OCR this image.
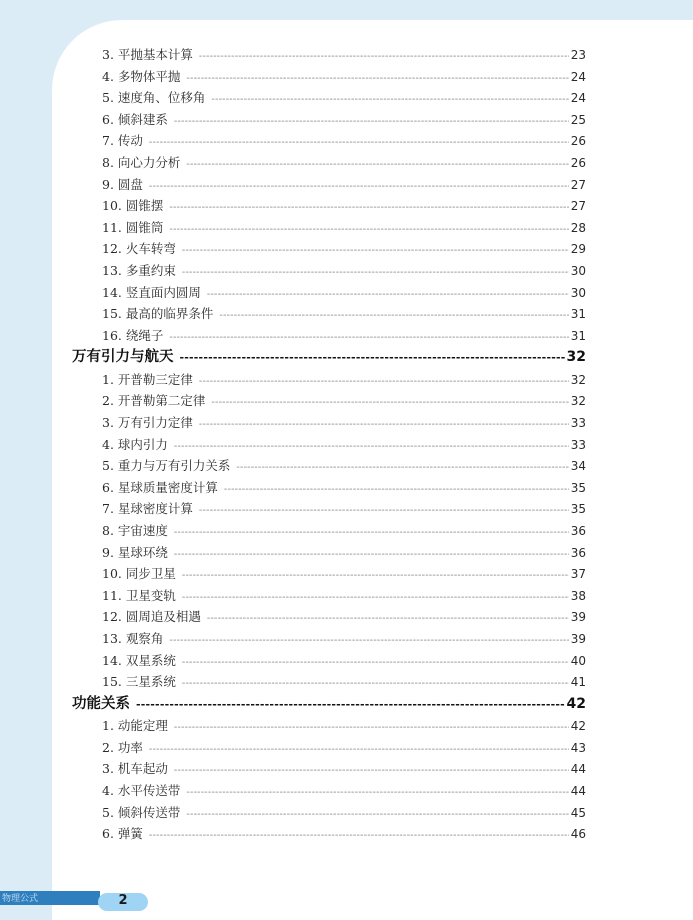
3. 平抛基本计算 -----	23
4. 多物体平抛 -----	24
5. 速度角、位移角 -----	24
6. 倾斜建系 -----	25
7. 传动 -----	26
8. 向心力分析 -----	26
9. 圆盘 -----	27
10. 圆锥摆 -----	27
11. 圆锥筒 -----	28
12. 火车转弯 -----	29
13. 多重约束 -----	30
14. 竖直面内圆周 -----	30
15. 最高的临界条件 -----	31
16. 绕绳子 -----	31
万有引力与航天 -----	32
1. 开普勒三定律 -----	32
2. 开普勒第二定律 -----	32
3. 万有引力定律 -----	33
4. 球内引力 -----	33
5. 重力与万有引力关系 -----	34
6. 星球质量密度计算 -----	35
7. 星球密度计算 -----	35
8. 宇宙速度 -----	36
9. 星球环绕 -----	36
10. 同步卫星 -----	37
11. 卫星变轨 -----	38
12. 圆周追及相遇 -----	39
13. 观察角 -----	39
14. 双星系统 -----	40
15. 三星系统 -----	41
功能关系 -----	42
1. 动能定理 -----	42
2. 功率 -----	43
3. 机车起动 -----	44
4. 水平传送带 -----	44
5. 倾斜传送带 -----	45
6. 弹簧 -----	46
物理公式	2
